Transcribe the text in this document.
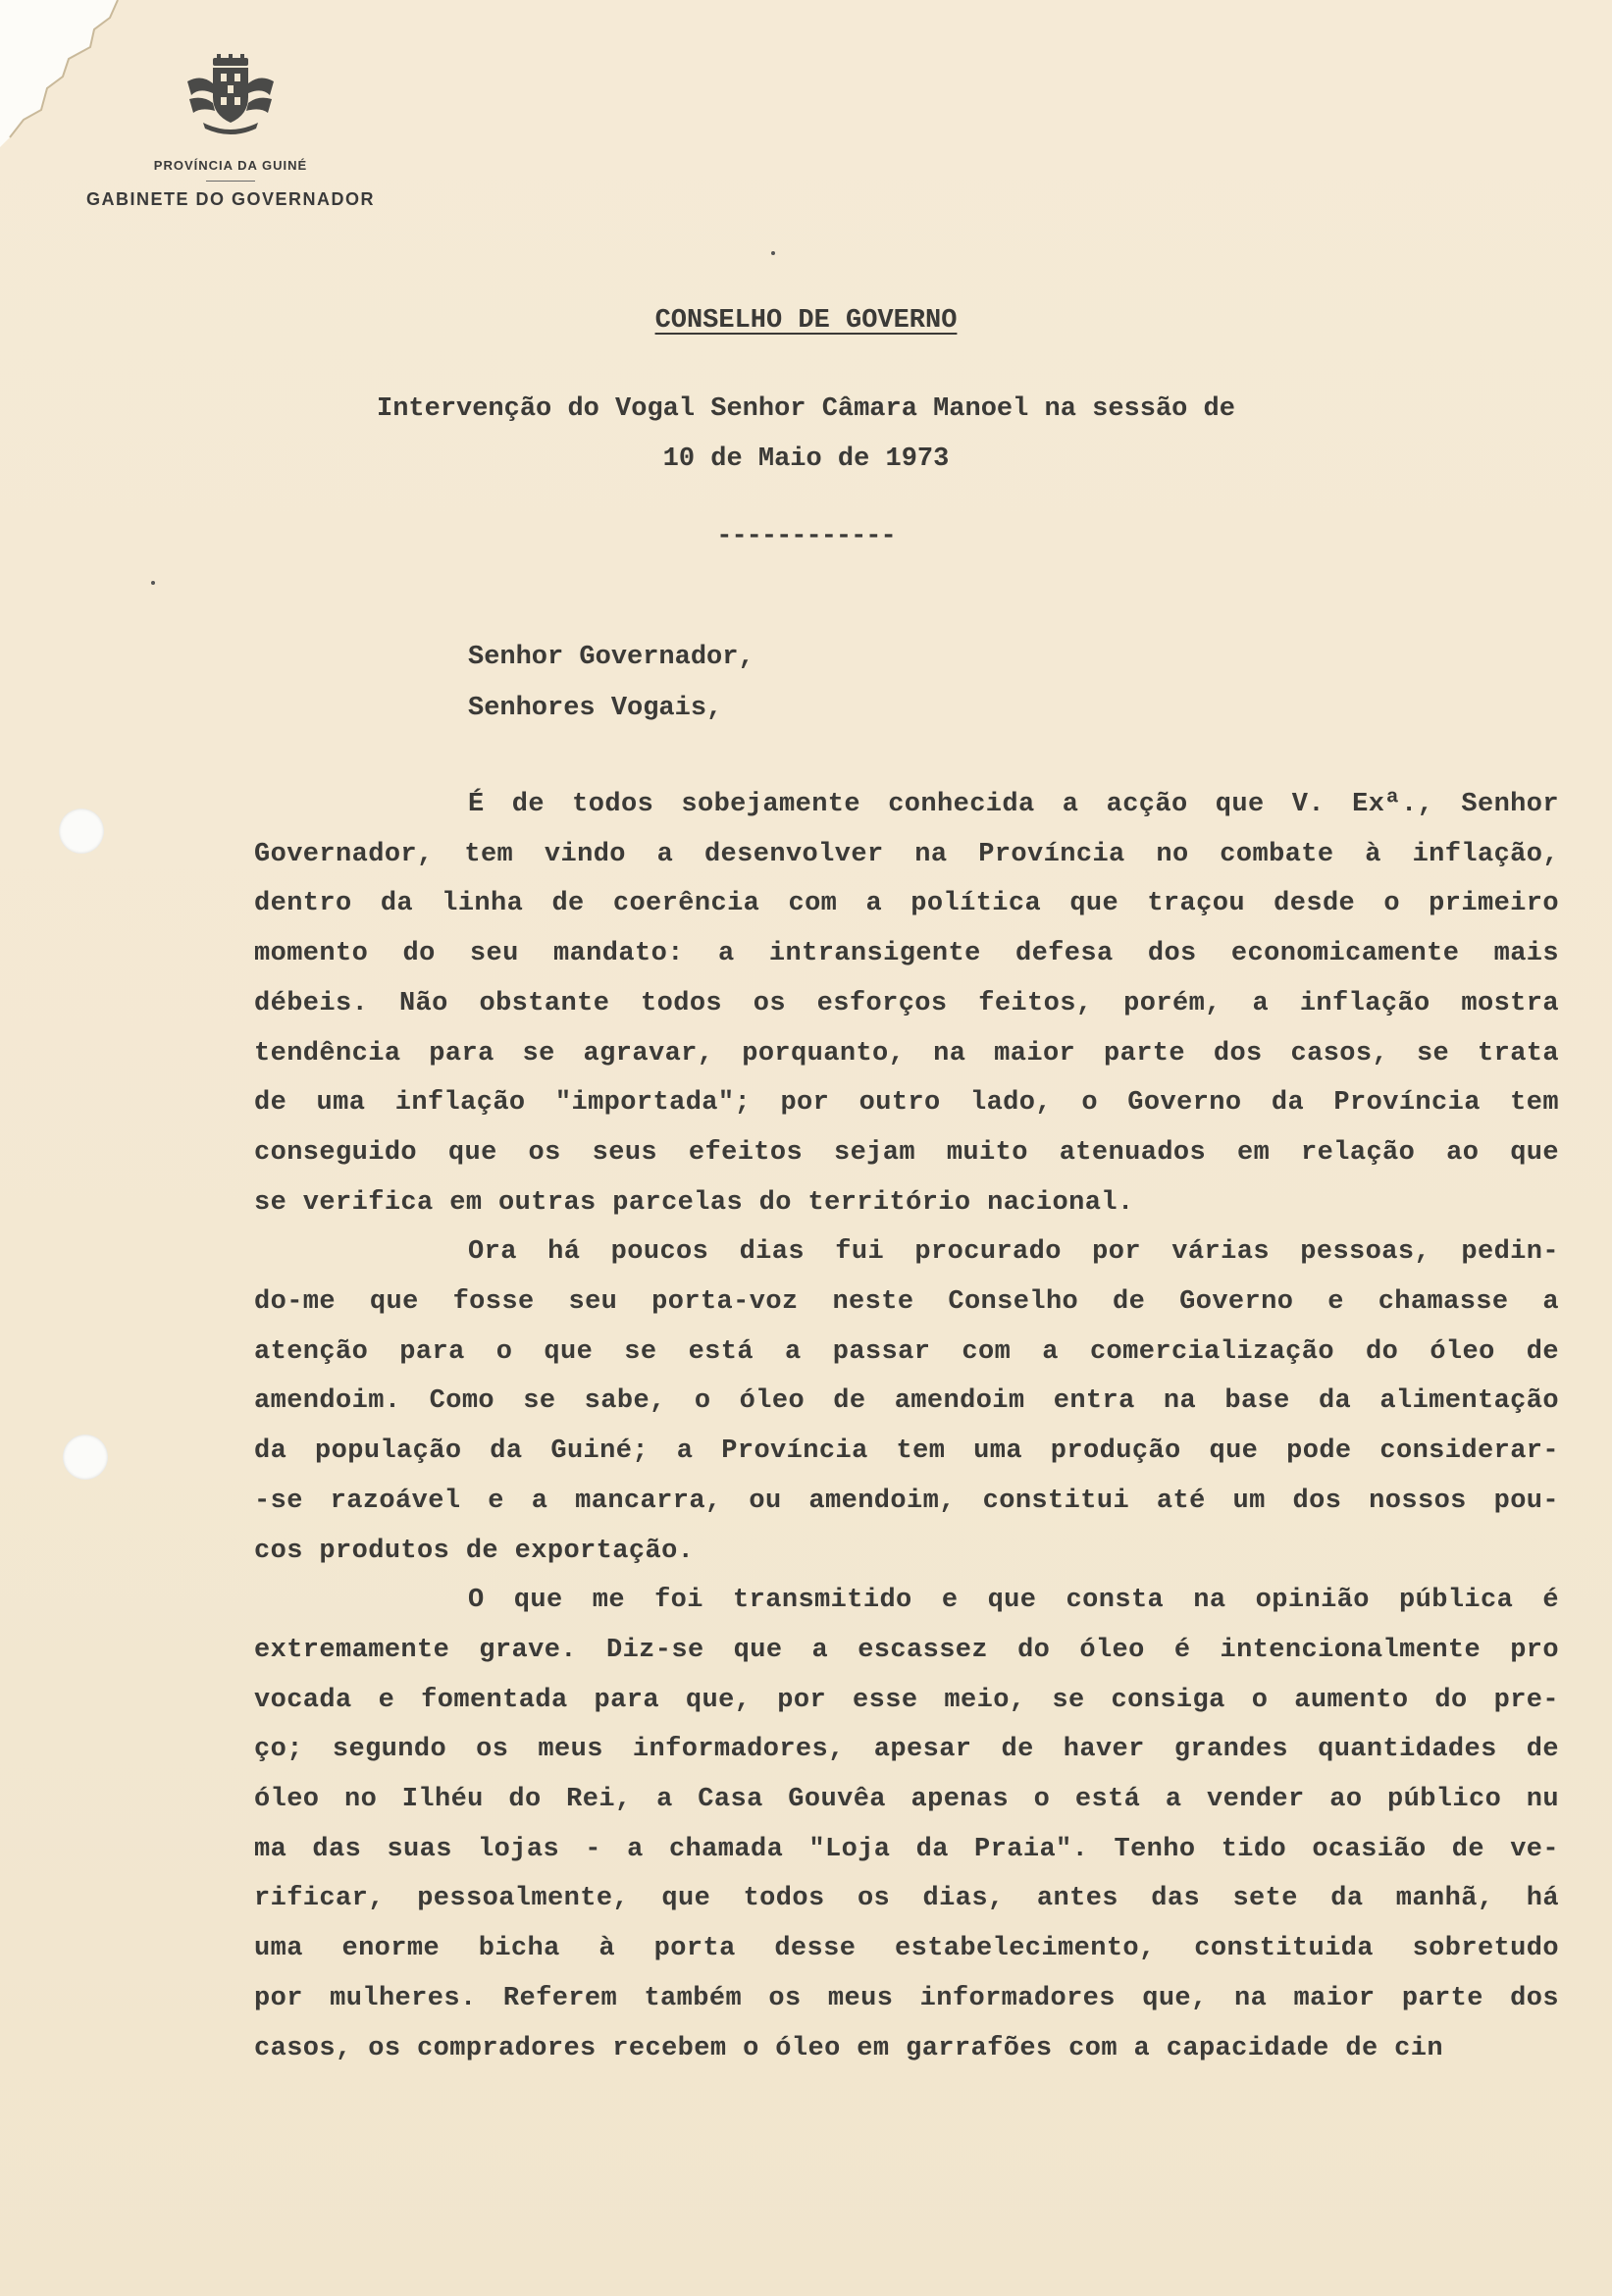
PROVÍNCIA DA GUINÉ
GABINETE DO GOVERNADOR
CONSELHO DE GOVERNO
Intervenção do Vogal Senhor Câmara Manoel na sessão de
10 de Maio de 1973
------------
Senhor Governador,
Senhores Vogais,
É de todos sobejamente conhecida a acção que V. Exª., Senhor
Governador, tem vindo a desenvolver na Província no combate à inflação,
dentro da linha de coerência com a política que traçou desde o primeiro
momento do seu mandato: a intransigente defesa dos economicamente mais
débeis. Não obstante todos os esforços feitos, porém, a inflação mostra
tendência para se agravar, porquanto, na maior parte dos casos, se trata
de uma inflação "importada"; por outro lado, o Governo da Província tem
conseguido que os seus efeitos sejam muito atenuados em relação ao que
se verifica em outras parcelas do território nacional.
Ora há poucos dias fui procurado por várias pessoas, pedin-
do-me que fosse seu porta-voz neste Conselho de Governo e chamasse a
atenção para o que se está a passar com a comercialização do óleo de
amendoim. Como se sabe, o óleo de amendoim entra na base da alimentação
da população da Guiné; a Província tem uma produção que pode considerar-
-se razoável e a mancarra, ou amendoim, constitui até um dos nossos pou-
cos produtos de exportação.
O que me foi transmitido e que consta na opinião pública é
extremamente grave. Diz-se que a escassez do óleo é intencionalmente pro
vocada e fomentada para que, por esse meio, se consiga o aumento do pre-
ço; segundo os meus informadores, apesar de haver grandes quantidades de
óleo no Ilhéu do Rei, a Casa Gouvêa apenas o está a vender ao público nu
ma das suas lojas - a chamada "Loja da Praia". Tenho tido ocasião de ve-
rificar, pessoalmente, que todos os dias, antes das sete da manhã, há
uma enorme bicha à porta desse estabelecimento, constituida sobretudo
por mulheres. Referem também os meus informadores que, na maior parte dos
casos, os compradores recebem o óleo em garrafões com a capacidade de cin
